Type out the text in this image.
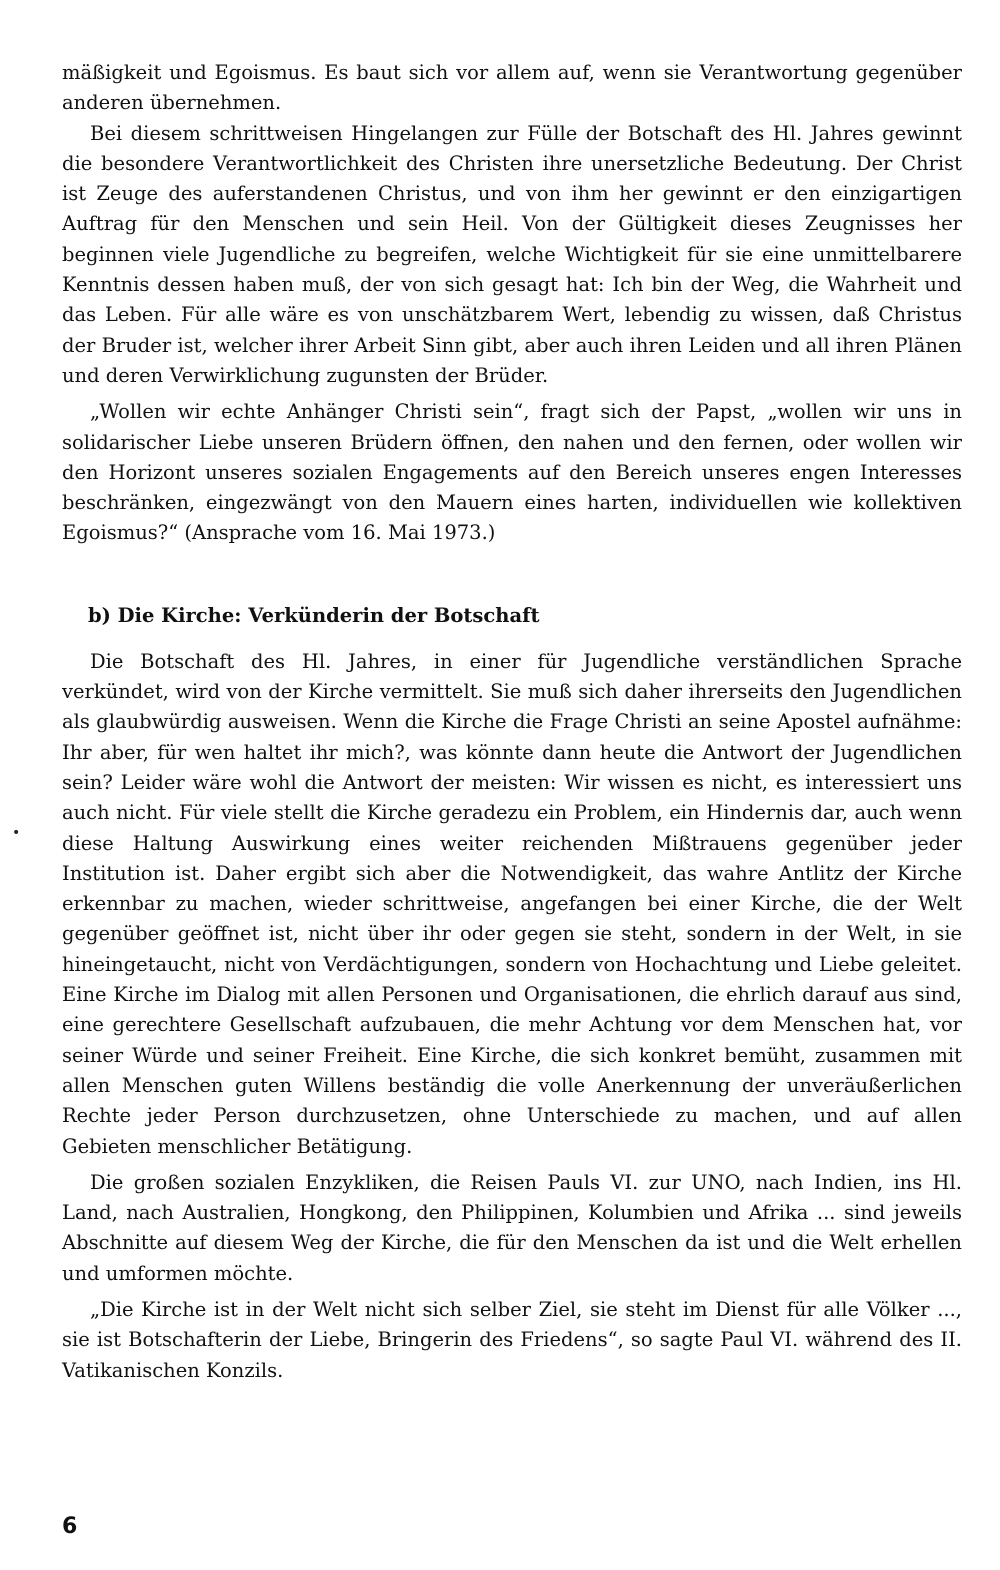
mäßigkeit und Egoismus. Es baut sich vor allem auf, wenn sie Verantwortung gegenüber anderen übernehmen.

Bei diesem schrittweisen Hingelangen zur Fülle der Botschaft des Hl. Jahres gewinnt die besondere Verantwortlichkeit des Christen ihre unersetzliche Bedeutung. Der Christ ist Zeuge des auferstandenen Christus, und von ihm her gewinnt er den einzigartigen Auftrag für den Menschen und sein Heil. Von der Gültigkeit dieses Zeugnisses her beginnen viele Jugendliche zu begreifen, welche Wichtigkeit für sie eine unmittelbarere Kenntnis dessen haben muß, der von sich gesagt hat: Ich bin der Weg, die Wahrheit und das Leben. Für alle wäre es von unschätzbarem Wert, lebendig zu wissen, daß Christus der Bruder ist, welcher ihrer Arbeit Sinn gibt, aber auch ihren Leiden und all ihren Plänen und deren Verwirklichung zugunsten der Brüder.

„Wollen wir echte Anhänger Christi sein“, fragt sich der Papst, „wollen wir uns in solidarischer Liebe unseren Brüdern öffnen, den nahen und den fernen, oder wollen wir den Horizont unseres sozialen Engagements auf den Bereich unseres engen Interesses beschränken, eingezwängt von den Mauern eines harten, individuellen wie kollektiven Egoismus?“ (Ansprache vom 16. Mai 1973.)

b) Die Kirche: Verkünderin der Botschaft

Die Botschaft des Hl. Jahres, in einer für Jugendliche verständlichen Sprache verkündet, wird von der Kirche vermittelt. Sie muß sich daher ihrerseits den Jugendlichen als glaubwürdig ausweisen. Wenn die Kirche die Frage Christi an seine Apostel aufnähme: Ihr aber, für wen haltet ihr mich?, was könnte dann heute die Antwort der Jugendlichen sein? Leider wäre wohl die Antwort der meisten: Wir wissen es nicht, es interessiert uns auch nicht. Für viele stellt die Kirche geradezu ein Problem, ein Hindernis dar, auch wenn diese Haltung Auswirkung eines weiter reichenden Mißtrauens gegenüber jeder Institution ist. Daher ergibt sich aber die Notwendigkeit, das wahre Antlitz der Kirche erkennbar zu machen, wieder schrittweise, angefangen bei einer Kirche, die der Welt gegenüber geöffnet ist, nicht über ihr oder gegen sie steht, sondern in der Welt, in sie hineingetaucht, nicht von Verdächtigungen, sondern von Hochachtung und Liebe geleitet. Eine Kirche im Dialog mit allen Personen und Organisationen, die ehrlich darauf aus sind, eine gerechtere Gesellschaft aufzubauen, die mehr Achtung vor dem Menschen hat, vor seiner Würde und seiner Freiheit. Eine Kirche, die sich konkret bemüht, zusammen mit allen Menschen guten Willens beständig die volle Anerkennung der unveräußerlichen Rechte jeder Person durchzusetzen, ohne Unterschiede zu machen, und auf allen Gebieten menschlicher Betätigung.

Die großen sozialen Enzykliken, die Reisen Pauls VI. zur UNO, nach Indien, ins Hl. Land, nach Australien, Hongkong, den Philippinen, Kolumbien und Afrika ... sind jeweils Abschnitte auf diesem Weg der Kirche, die für den Menschen da ist und die Welt erhellen und umformen möchte.

„Die Kirche ist in der Welt nicht sich selber Ziel, sie steht im Dienst für alle Völker ..., sie ist Botschafterin der Liebe, Bringerin des Friedens“, so sagte Paul VI. während des II. Vatikanischen Konzils.

•
6
